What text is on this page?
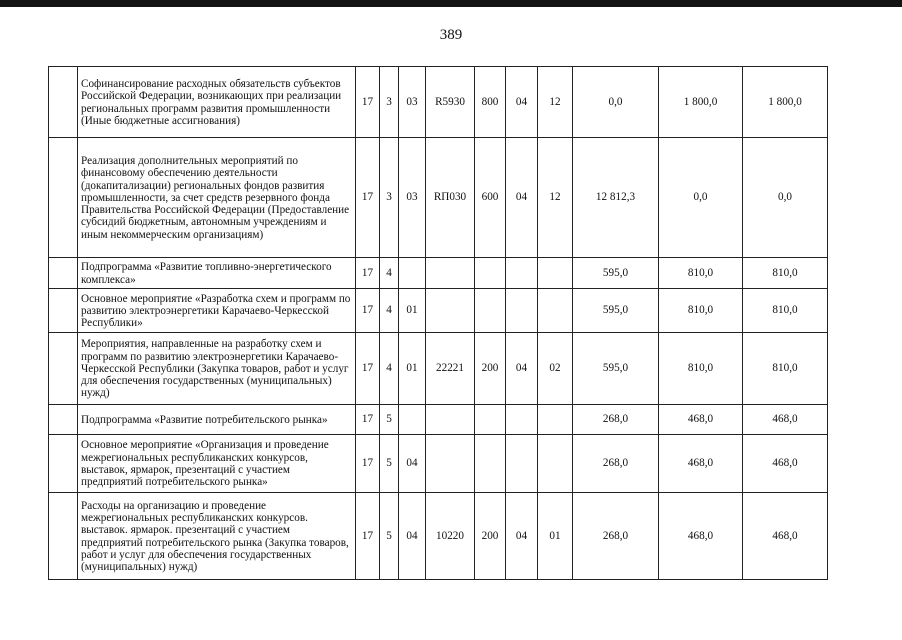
389
	Софинансирование расходных обязательств субъектов Российской Федерации, возникающих при реализации региональных программ развития промышленности (Иные бюджетные ассигнования)	17	3	03	R5930	800	04	12	0,0	1 800,0	1 800,0
	Реализация дополнительных мероприятий по финансовому обеспечению деятельности (докапитализации) региональных фондов развития промышленности, за счет средств резервного фонда Правительства Российской Федерации (Предоставление субсидий бюджетным, автономным учреждениям и иным некоммерческим организациям)	17	3	03	RП030	600	04	12	12 812,3	0,0	0,0
	Подпрограмма «Развитие топливно-энергетического комплекса»	17	4						595,0	810,0	810,0
	Основное мероприятие «Разработка схем и программ по развитию электроэнергетики Карачаево-Черкесской Республики»	17	4	01					595,0	810,0	810,0
	Мероприятия, направленные на разработку схем и программ по развитию электроэнергетики Карачаево-Черкесской Республики (Закупка товаров, работ и услуг для обеспечения государственных (муниципальных) нужд)	17	4	01	22221	200	04	02	595,0	810,0	810,0
	Подпрограмма «Развитие потребительского рынка»	17	5						268,0	468,0	468,0
	Основное мероприятие «Организация и проведение межрегиональных республиканских конкурсов, выставок, ярмарок, презентаций с участием предприятий потребительского рынка»	17	5	04					268,0	468,0	468,0
	Расходы на организацию и проведение межрегиональных республиканских конкурсов. выставок. ярмарок. презентаций с участием предприятий потребительского рынка (Закупка товаров, работ и услуг для обеспечения государственных (муниципальных) нужд)	17	5	04	10220	200	04	01	268,0	468,0	468,0
